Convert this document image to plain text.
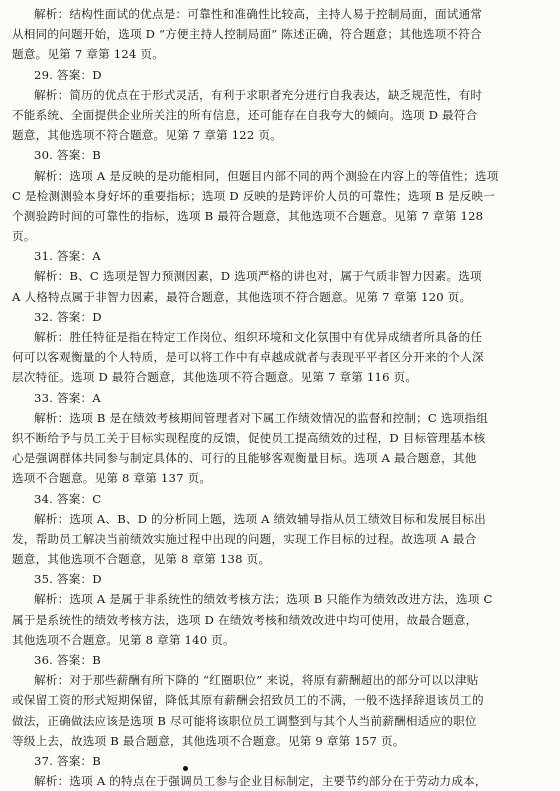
解析：结构性面试的优点是：可靠性和准确性比较高，主持人易于控制局面，面试通常
从相同的问题开始，选项 D “方便主持人控制局面” 陈述正确，符合题意；其他选项不符合
题意。见第 7 章第 124 页。
29. 答案：D
解析：简历的优点在于形式灵活，有利于求职者充分进行自我表达，缺乏规范性，有时
不能系统、全面提供企业所关注的所有信息，还可能存在自我夸大的倾向。选项 D 最符合
题意，其他选项不符合题意。见第 7 章第 122 页。
30. 答案：B
解析：选项 A 是反映的是功能相同，但题目内部不同的两个测验在内容上的等值性；选项
C 是检测测验本身好坏的重要指标；选项 D 反映的是跨评价人员的可靠性；选项 B 是反映一
个测验跨时间的可靠性的指标，选项 B 最符合题意，其他选项不合题意。见第 7 章第 128
页。
31. 答案：A
解析：B、C 选项是智力预测因素，D 选项严格的讲也对，属于气质非智力因素。选项
A 人格特点属于非智力因素，最符合题意，其他选项不符合题意。见第 7 章第 120 页。
32. 答案：D
解析：胜任特征是指在特定工作岗位、组织环境和文化氛围中有优异成绩者所具备的任
何可以客观衡量的个人特质，是可以将工作中有卓越成就者与表现平平者区分开来的个人深
层次特征。选项 D 最符合题意，其他选项不符合题意。见第 7 章第 116 页。
33. 答案：A
解析：选项 B 是在绩效考核期间管理者对下属工作绩效情况的监督和控制；C 选项指组
织不断给予与员工关于目标实现程度的反馈，促使员工提高绩效的过程，D 目标管理基本核
心是强调群体共同参与制定具体的、可行的且能够客观衡量目标。选项 A 最合题意，其他
选项不合题意。见第 8 章第 137 页。
34. 答案：C
解析：选项 A、B、D 的分析同上题，选项 A 绩效辅导指从员工绩效目标和发展目标出
发，帮助员工解决当前绩效实施过程中出现的问题，实现工作目标的过程。故选项 A 最合
题意，其他选项不合题意，见第 8 章第 138 页。
35. 答案：D
解析：选项 A 是属于非系统性的绩效考核方法；选项 B 只能作为绩效改进方法，选项 C
属于是系统性的绩效考核方法，选项 D 在绩效考核和绩效改进中均可使用，故最合题意，
其他选项不合题意。见第 8 章第 140 页。
36. 答案：B
解析：对于那些薪酬有所下降的 “红圈职位” 来说，将原有薪酬超出的部分可以以津贴
或保留工资的形式短期保留，降低其原有薪酬会招致员工的不满，一般不选择辞退该员工的
做法，正确做法应该是选项 B 尽可能将该职位员工调整到与其个人当前薪酬相适应的职位
等级上去，故选项 B 最合题意，其他选项不合题意。见第 9 章第 157 页。
37. 答案：B
解析：选项 A 的特点在于强调员工参与企业目标制定，主要节约部分在于劳动力成本，
